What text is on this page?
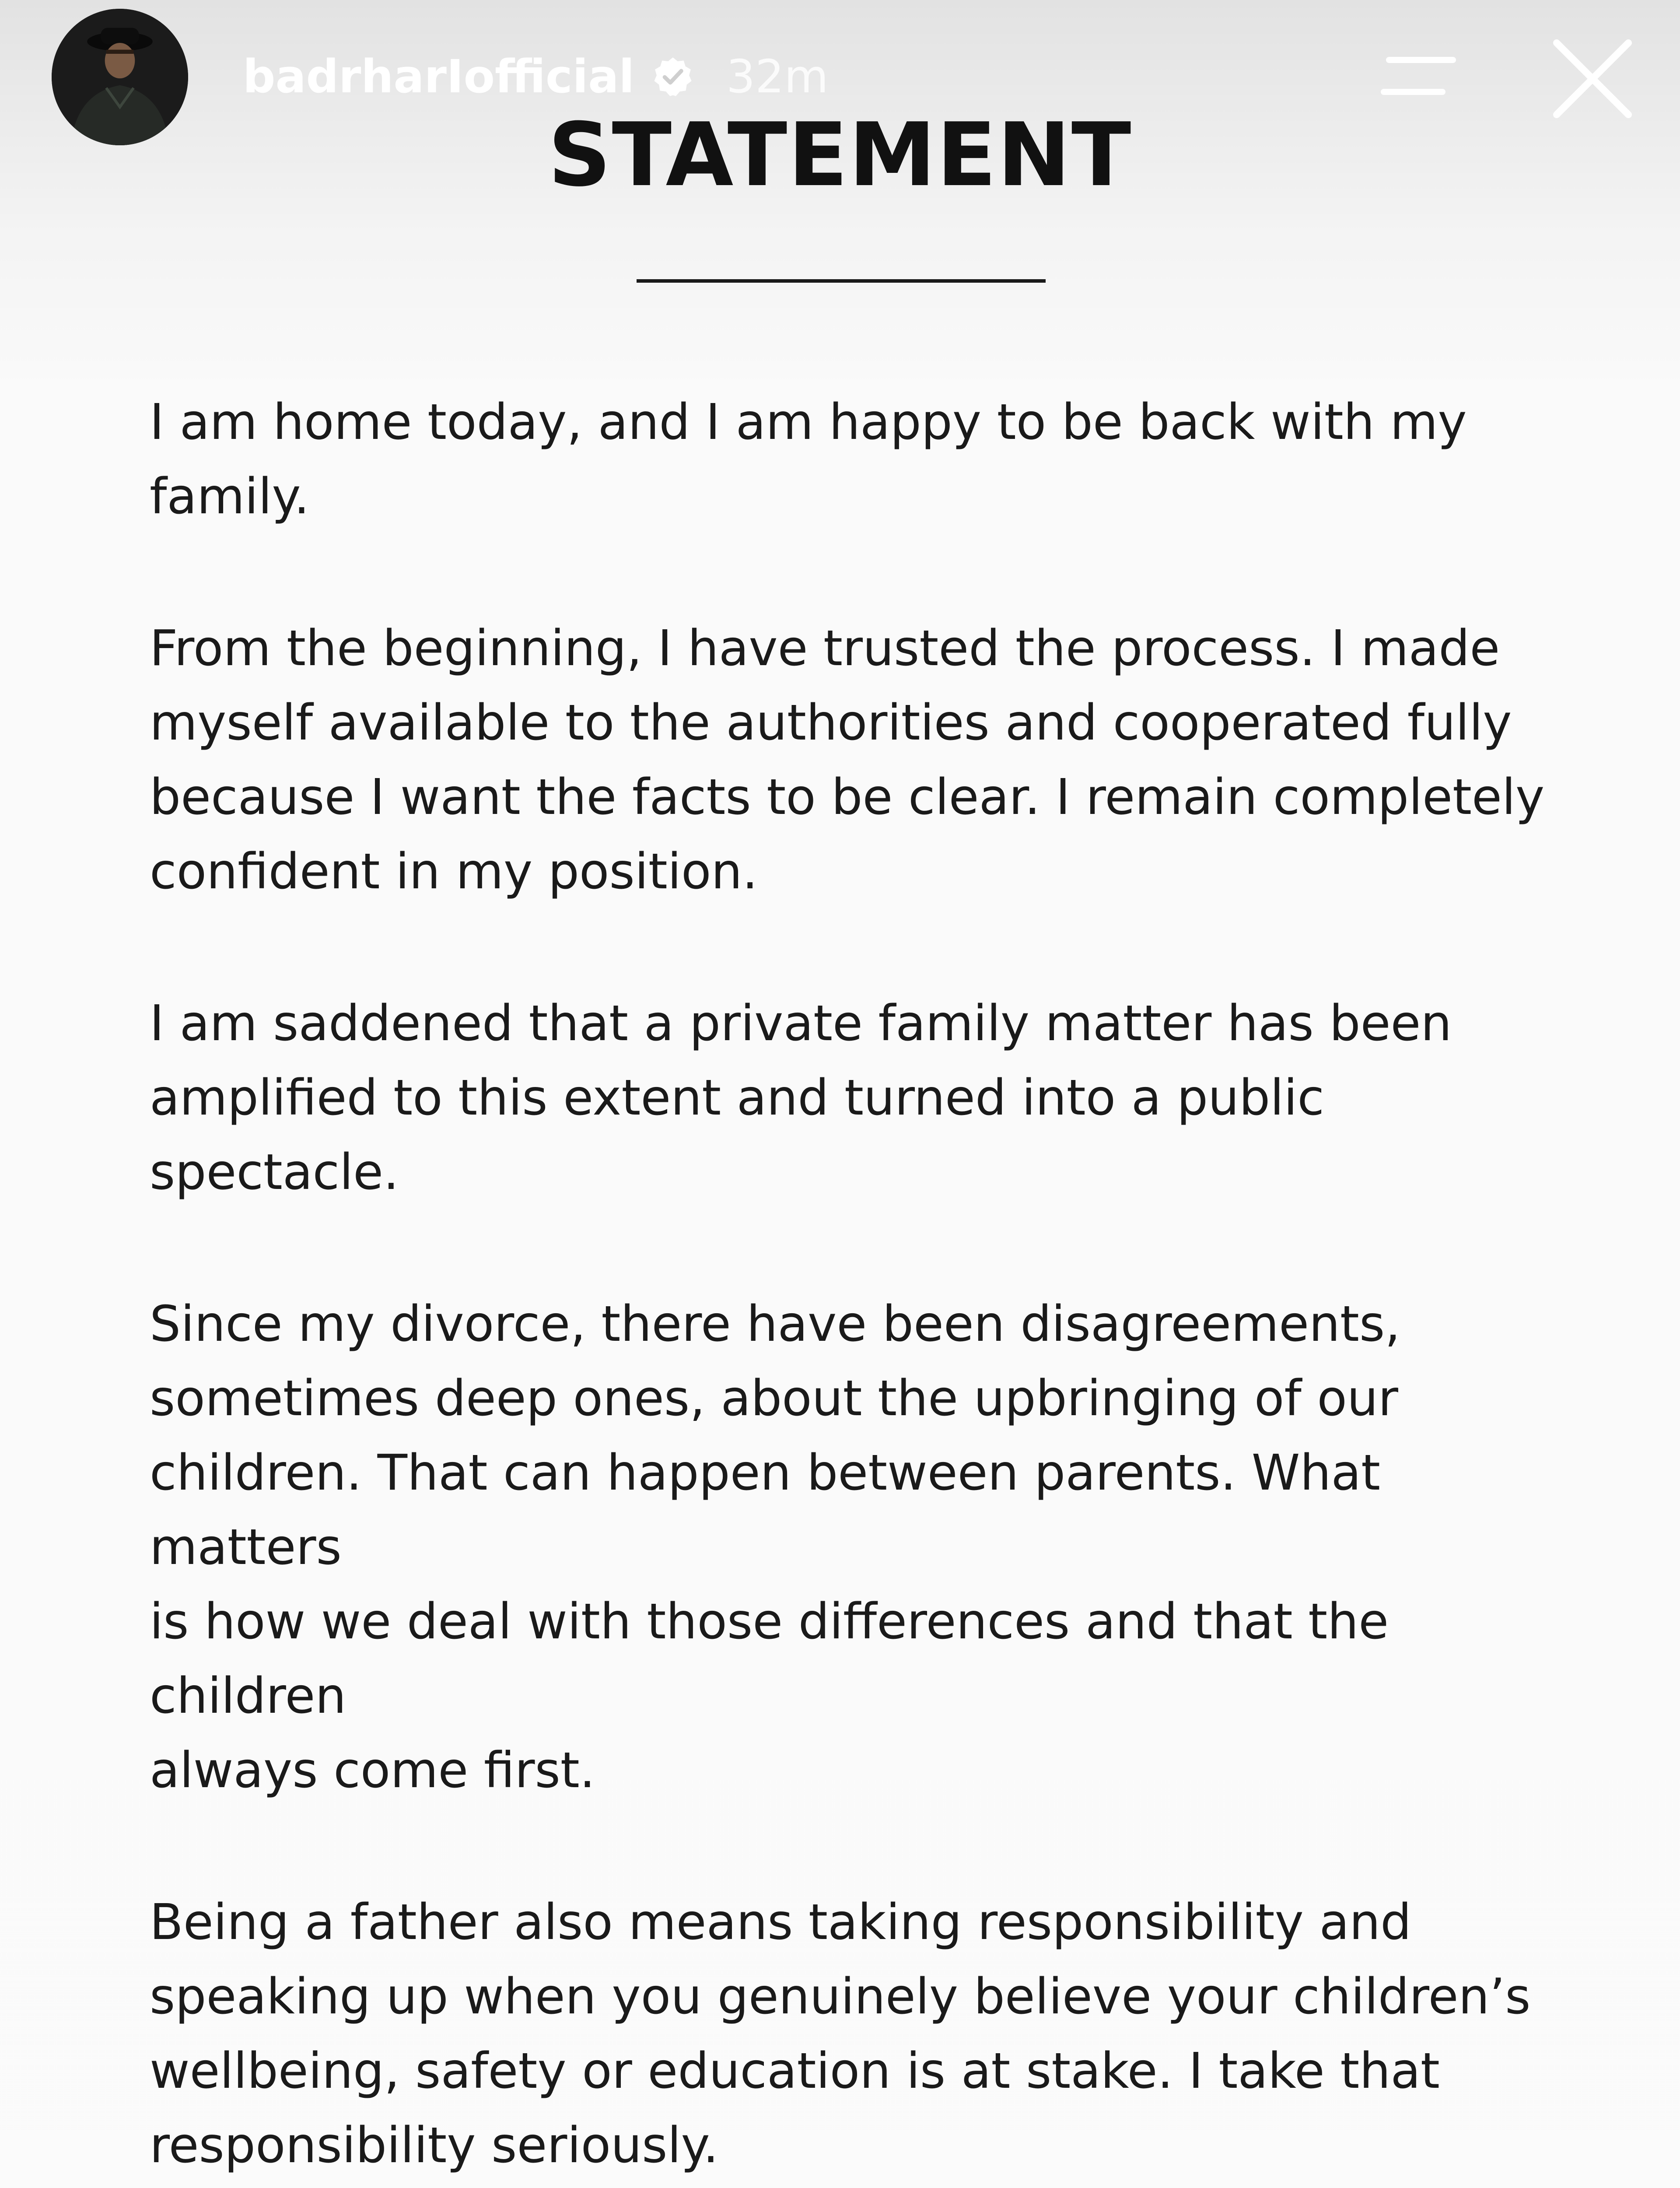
badrharIofficial 32m
STATEMENT

I am home today, and I am happy to be back with my
family.

From the beginning, I have trusted the process. I made
myself available to the authorities and cooperated fully
because I want the facts to be clear. I remain completely
confident in my position.

I am saddened that a private family matter has been
amplified to this extent and turned into a public spectacle.

Since my divorce, there have been disagreements,
sometimes deep ones, about the upbringing of our
children. That can happen between parents. What matters
is how we deal with those differences and that the children
always come first.

Being a father also means taking responsibility and
speaking up when you genuinely believe your children’s
wellbeing, safety or education is at stake. I take that
responsibility seriously.
